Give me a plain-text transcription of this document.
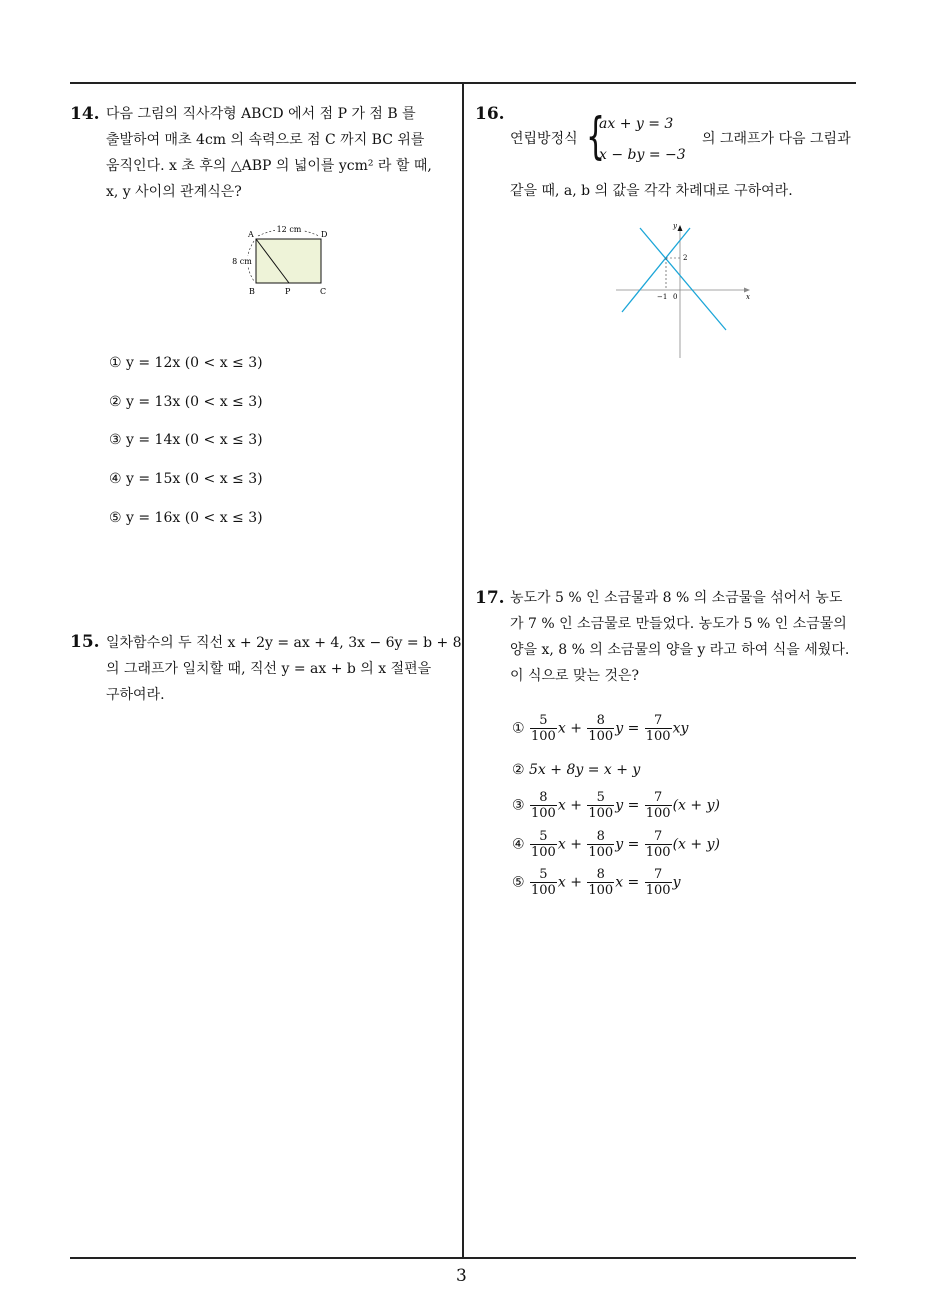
14. 다음 그림의 직사각형 ABCD 에서 점 P 가 점 B 를
출발하여 매초 4cm 의 속력으로 점 C 까지 BC 위를
움직인다. x 초 후의 △ABP 의 넓이를 ycm² 라 할 때,
x, y 사이의 관계식은?
12 cm
8 cm
A	D
B	P	C
① y = 12x (0 < x ≤ 3)
② y = 13x (0 < x ≤ 3)
③ y = 14x (0 < x ≤ 3)
④ y = 15x (0 < x ≤ 3)
⑤ y = 16x (0 < x ≤ 3)
15. 일차함수의 두 직선 x + 2y = ax + 4, 3x − 6y = b + 8
의 그래프가 일치할 때, 직선 y = ax + b 의 x 절편을
구하여라.
16.
연립방정식 {
ax + y = 3
x − by = −3
의 그래프가 다음 그림과
같을 때, a, b 의 값을 각각 차례대로 구하여라.
y
x
2
−1 0
17. 농도가 5 % 인 소금물과 8 % 의 소금물을 섞어서 농도
가 7 % 인 소금물로 만들었다. 농도가 5 % 인 소금물의
양을 x, 8 % 의 소금물의 양을 y 라고 하여 식을 세웠다.
이 식으로 맞는 것은?
① $\frac{5}{100}$ $x + \frac{8}{100}$ $y = \frac{7}{100}$ xy
② 5x + 8y = x + y
③ $\frac{8}{100}$ $x + \frac{5}{100}$ $y = \frac{7}{100} (x + y)$
④ $\frac{5}{100}$ $x + \frac{8}{100}$ $y = \frac{7}{100} (x + y)$
⑤ $\frac{5}{100}$ $x + \frac{8}{100}$ $x = \frac{7}{100}$ y
3
